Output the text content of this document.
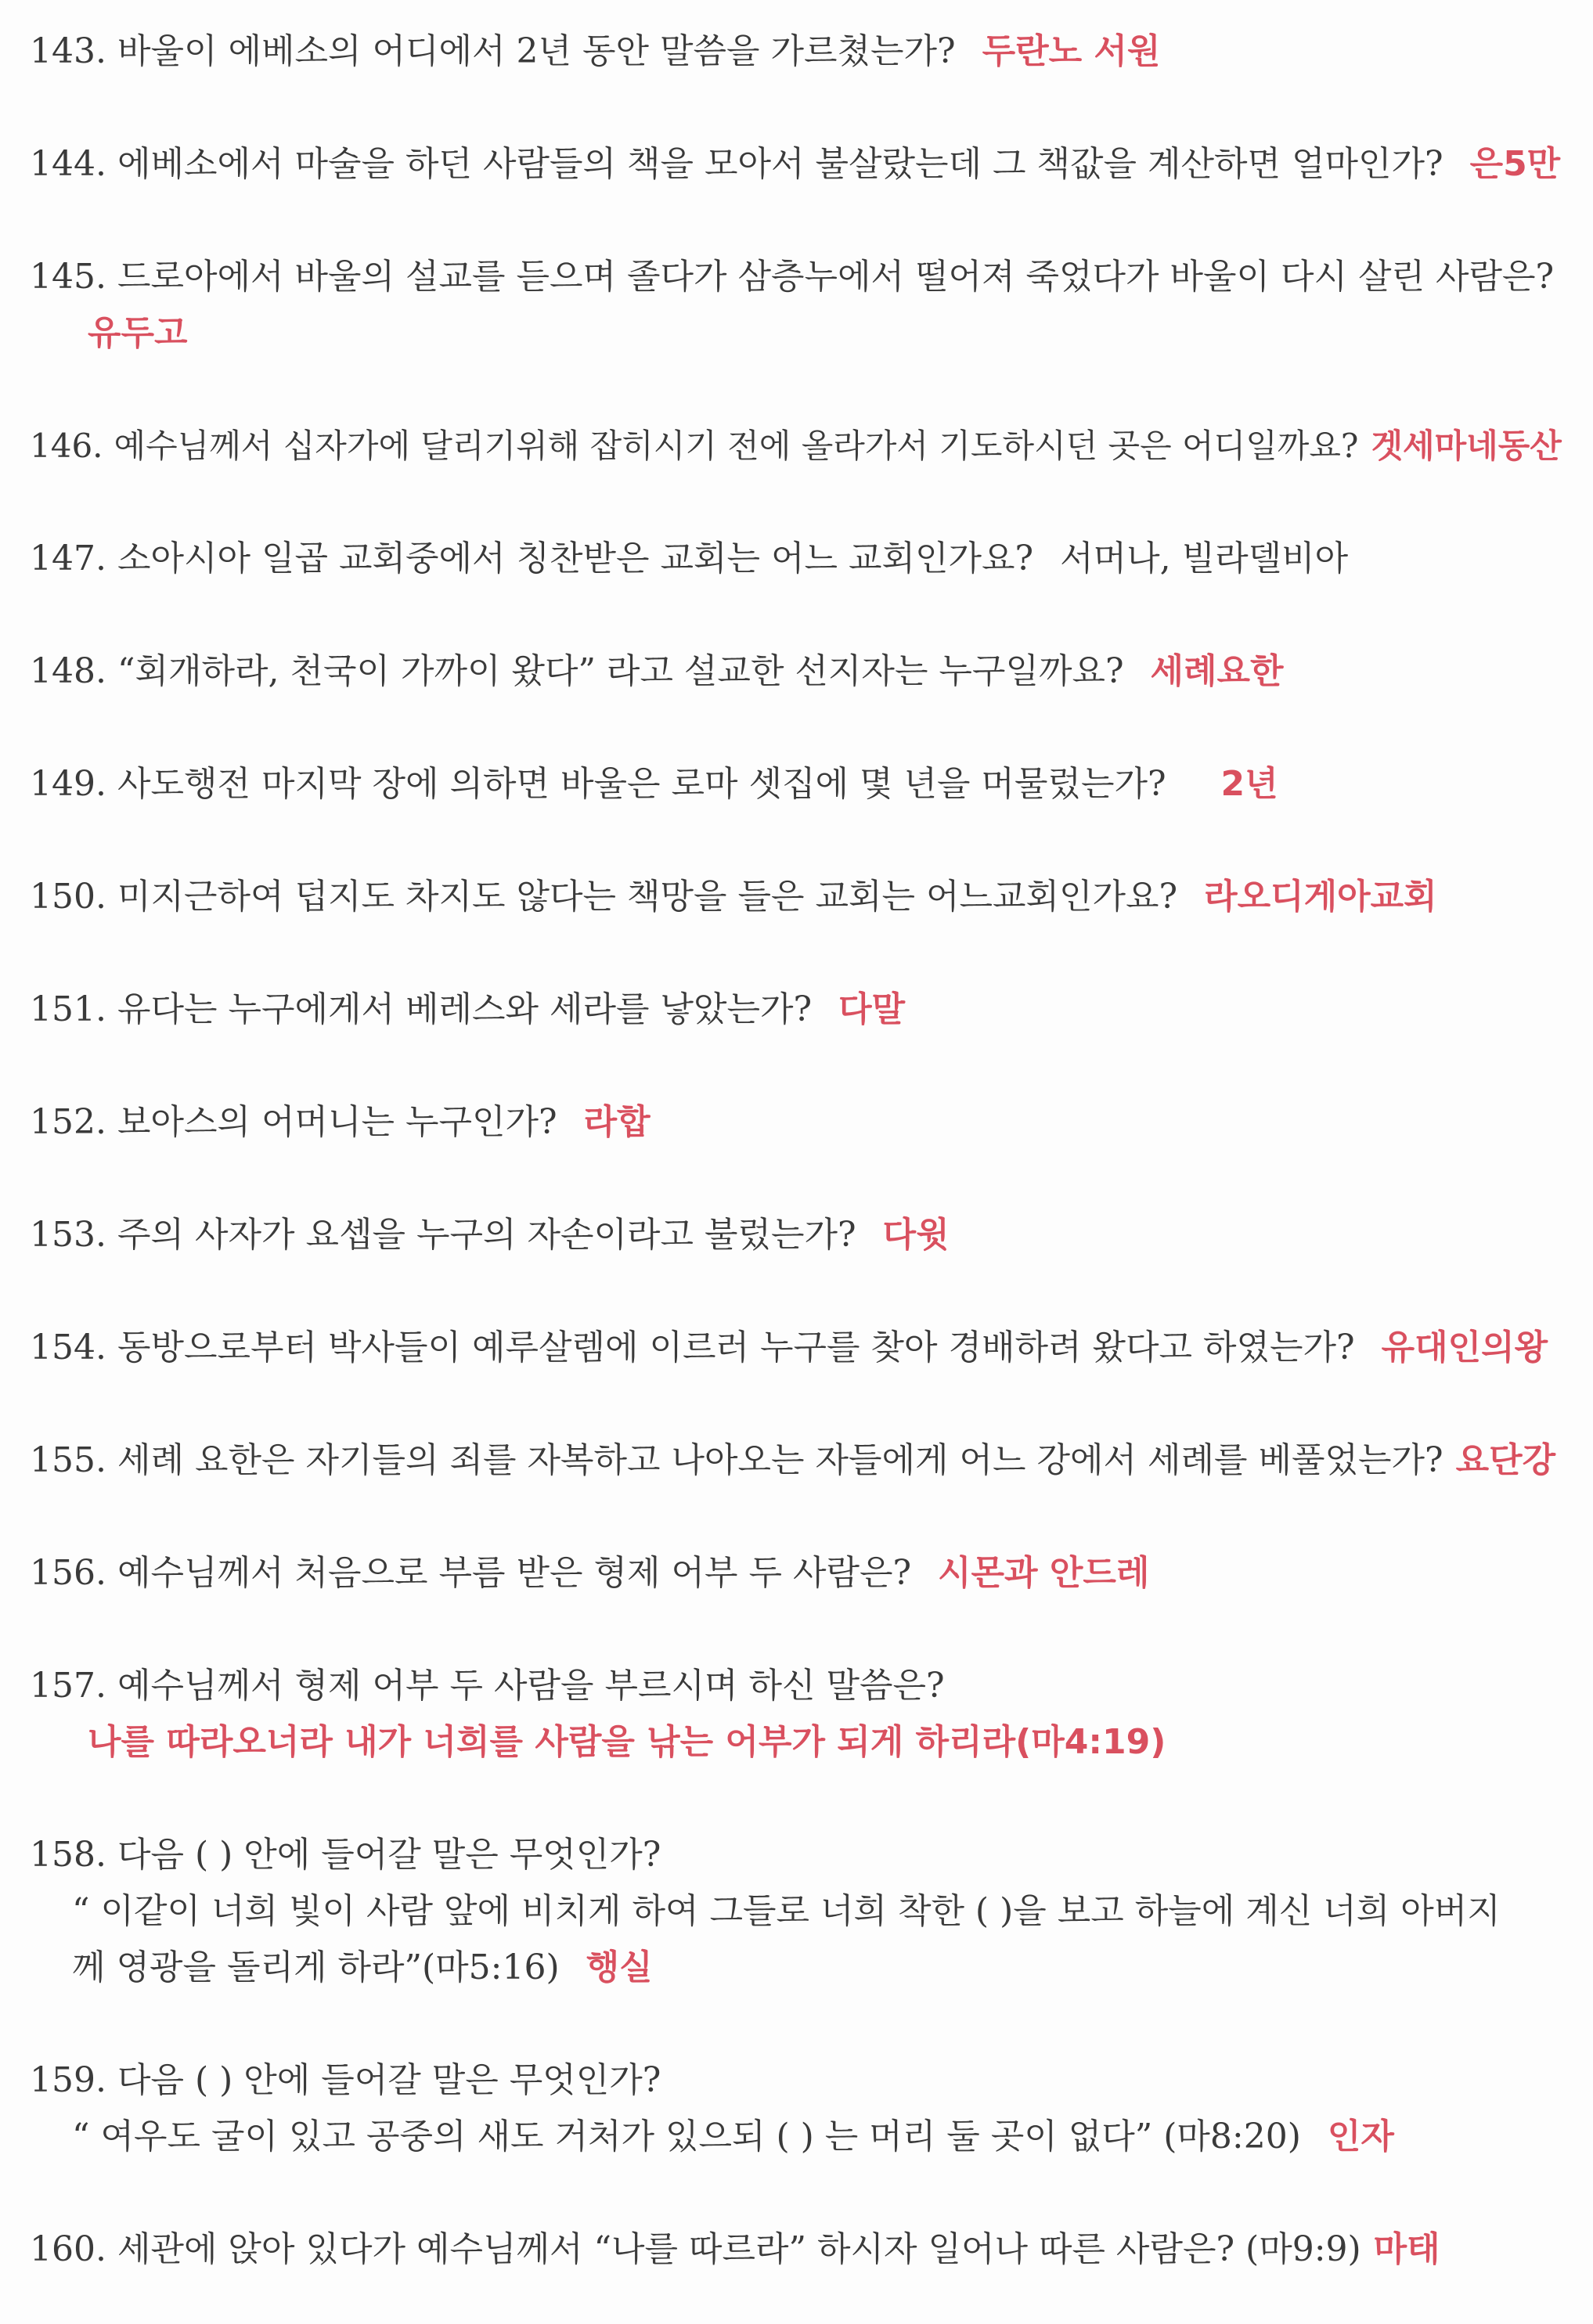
143. 바울이 에베소의 어디에서 2년 동안 말씀을 가르쳤는가? 두란노 서원
144. 에베소에서 마술을 하던 사람들의 책을 모아서 불살랐는데 그 책값을 계산하면 얼마인가? 은5만
145. 드로아에서 바울의 설교를 듣으며 졸다가 삼층누에서 떨어져 죽었다가 바울이 다시 살린 사람은?
유두고
146. 예수님께서 십자가에 달리기위해 잡히시기 전에 올라가서 기도하시던 곳은 어디일까요? 겟세마네동산
147. 소아시아 일곱 교회중에서 칭찬받은 교회는 어느 교회인가요? 서머나, 빌라델비아
148. “회개하라, 천국이 가까이 왔다” 라고 설교한 선지자는 누구일까요? 세례요한
149. 사도행전 마지막 장에 의하면 바울은 로마 셋집에 몇 년을 머물렀는가? 2년
150. 미지근하여 덥지도 차지도 않다는 책망을 들은 교회는 어느교회인가요? 라오디게아교회
151. 유다는 누구에게서 베레스와 세라를 낳았는가? 다말
152. 보아스의 어머니는 누구인가? 라합
153. 주의 사자가 요셉을 누구의 자손이라고 불렀는가? 다윗
154. 동방으로부터 박사들이 예루살렘에 이르러 누구를 찾아 경배하려 왔다고 하였는가? 유대인의왕
155. 세례 요한은 자기들의 죄를 자복하고 나아오는 자들에게 어느 강에서 세례를 베풀었는가? 요단강
156. 예수님께서 처음으로 부름 받은 형제 어부 두 사람은? 시몬과 안드레
157. 예수님께서 형제 어부 두 사람을 부르시며 하신 말씀은?
나를 따라오너라 내가 너희를 사람을 낚는 어부가 되게 하리라(마4:19)
158. 다음 ( ) 안에 들어갈 말은 무엇인가?
“ 이같이 너희 빛이 사람 앞에 비치게 하여 그들로 너희 착한 ( )을 보고 하늘에 계신 너희 아버지
께 영광을 돌리게 하라”(마5:16) 행실
159. 다음 ( ) 안에 들어갈 말은 무엇인가?
“ 여우도 굴이 있고 공중의 새도 거처가 있으되 ( ) 는 머리 둘 곳이 없다” (마8:20) 인자
160. 세관에 앉아 있다가 예수님께서 “나를 따르라” 하시자 일어나 따른 사람은? (마9:9) 마태
